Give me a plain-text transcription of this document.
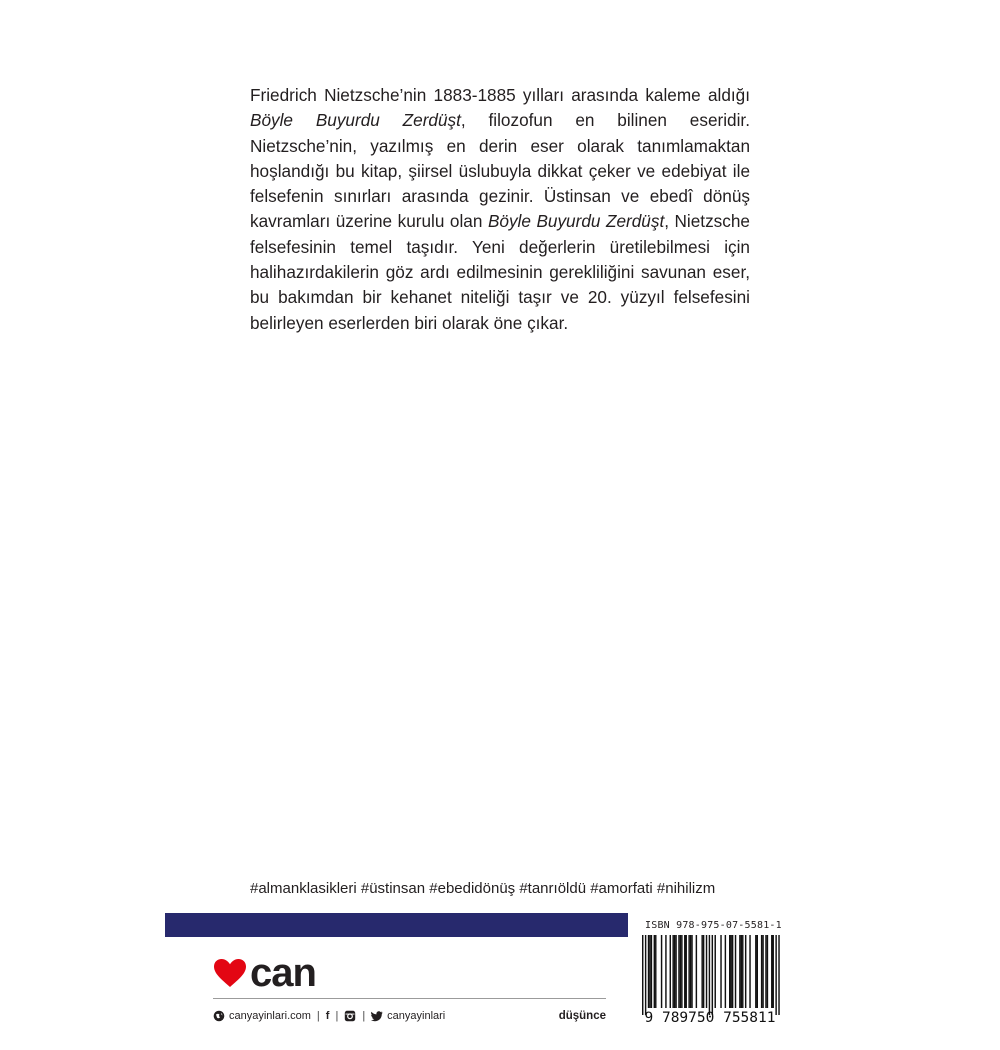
Friedrich Nietzsche’nin 1883-1885 yılları arasında kaleme aldığı Böyle Buyurdu Zerdüşt, filozofun en bilinen eseridir. Nietzsche’nin, yazılmış en derin eser olarak tanımlamaktan hoşlandığı bu kitap, şiirsel üslubuyla dikkat çeker ve edebiyat ile felsefenin sınırları arasında gezinir. Üstinsan ve ebedî dönüş kavramları üzerine kurulu olan Böyle Buyurdu Zerdüşt, Nietzsche felsefesinin temel taşıdır. Yeni değerlerin üretilebilmesi için halihazırdakilerin göz ardı edilmesinin gerekliliğini savunan eser, bu bakımdan bir kehanet niteliği taşır ve 20. yüzyıl felsefesini belirleyen eserlerden biri olarak öne çıkar.

#almanklasikleri #üstinsan #ebedidönüş #tanrıöldü #amorfati #nihilizm

can
canyayinlari.com | f | | canyayinlari	düşünce
ISBN 978-975-07-5581-1
9 789750 755811
